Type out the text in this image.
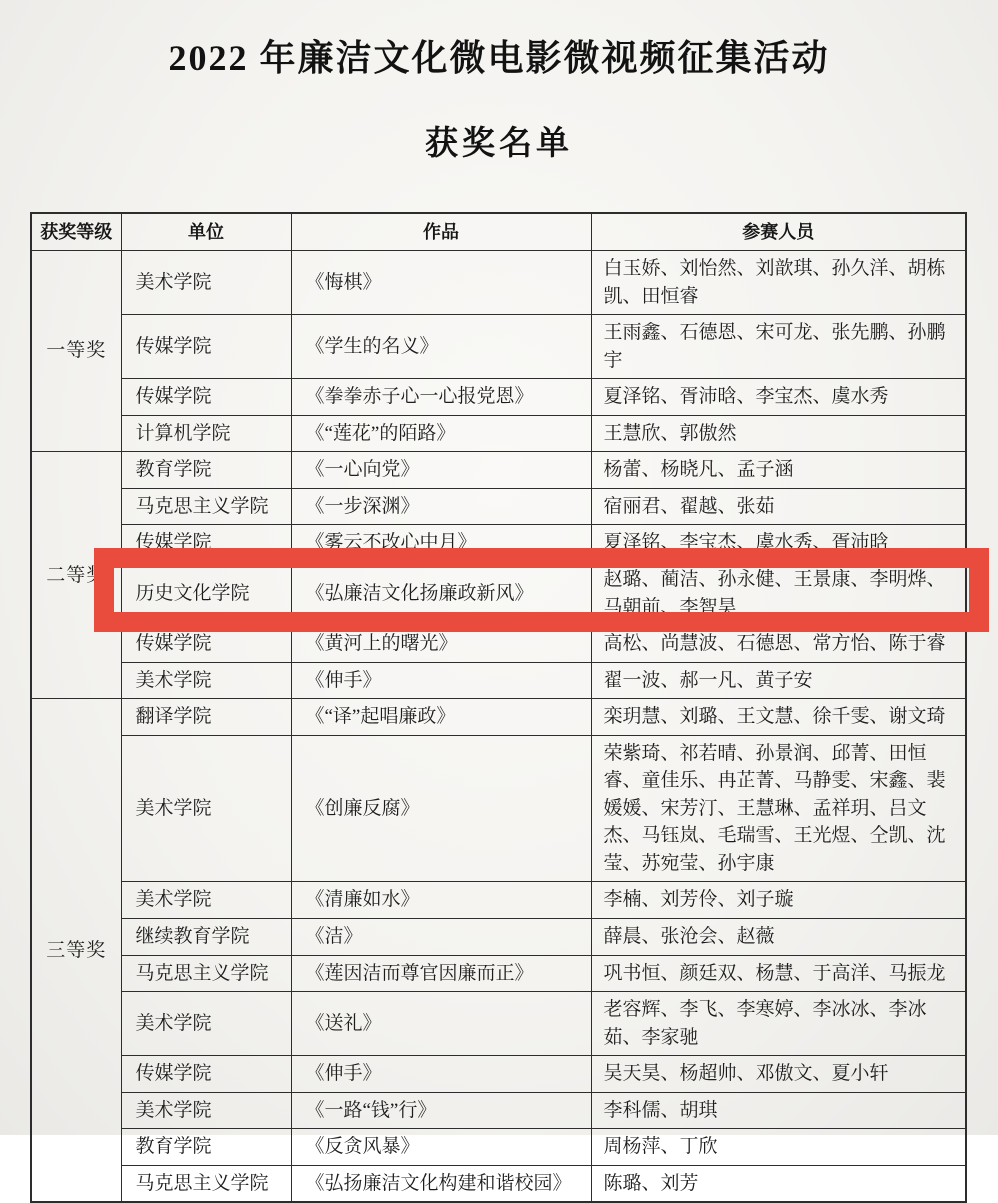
2022 年廉洁文化微电影微视频征集活动
获奖名单
获奖等级	单位	作品	参赛人员
一等奖	美术学院	《悔棋》	白玉娇、刘怡然、刘歆琪、孙久洋、胡栋凯、田恒睿
	传媒学院	《学生的名义》	王雨鑫、石德恩、宋可龙、张先鹏、孙鹏宇
	传媒学院	《拳拳赤子心一心报党恩》	夏泽铭、胥沛晗、李宝杰、虞水秀
	计算机学院	《“莲花”的陌路》	王慧欣、郭傲然
二等奖	教育学院	《一心向党》	杨蕾、杨晓凡、孟子涵
	马克思主义学院	《一步深渊》	宿丽君、翟越、张茹
	传媒学院	《雾云不改心中月》	夏泽铭、李宝杰、虞水秀、胥沛晗
	历史文化学院	《弘廉洁文化扬廉政新风》	赵璐、蔺洁、孙永健、王景康、李明烨、马朝前、李智昊
	传媒学院	《黄河上的曙光》	高松、尚慧波、石德恩、常方怡、陈于睿
	美术学院	《伸手》	翟一波、郝一凡、黄子安
三等奖	翻译学院	《“译”起唱廉政》	栾玥慧、刘璐、王文慧、徐千雯、谢文琦
	美术学院	《创廉反腐》	荣紫琦、祁若晴、孙景润、邱菁、田恒睿、童佳乐、冉芷菁、马静雯、宋鑫、裴媛媛、宋芳汀、王慧琳、孟祥玥、吕文杰、马钰岚、毛瑞雪、王光煜、仝凯、沈莹、苏宛莹、孙宇康
	美术学院	《清廉如水》	李楠、刘芳伶、刘子璇
	继续教育学院	《洁》	薛晨、张沧会、赵薇
	马克思主义学院	《莲因洁而尊官因廉而正》	巩书恒、颜廷双、杨慧、于高洋、马振龙
	美术学院	《送礼》	老容辉、李飞、李寒婷、李冰冰、李冰茹、李家驰
	传媒学院	《伸手》	吴天昊、杨超帅、邓傲文、夏小轩
	美术学院	《一路“钱”行》	李科儒、胡琪
	教育学院	《反贪风暴》	周杨萍、丁欣
	马克思主义学院	《弘扬廉洁文化构建和谐校园》	陈璐、刘芳
